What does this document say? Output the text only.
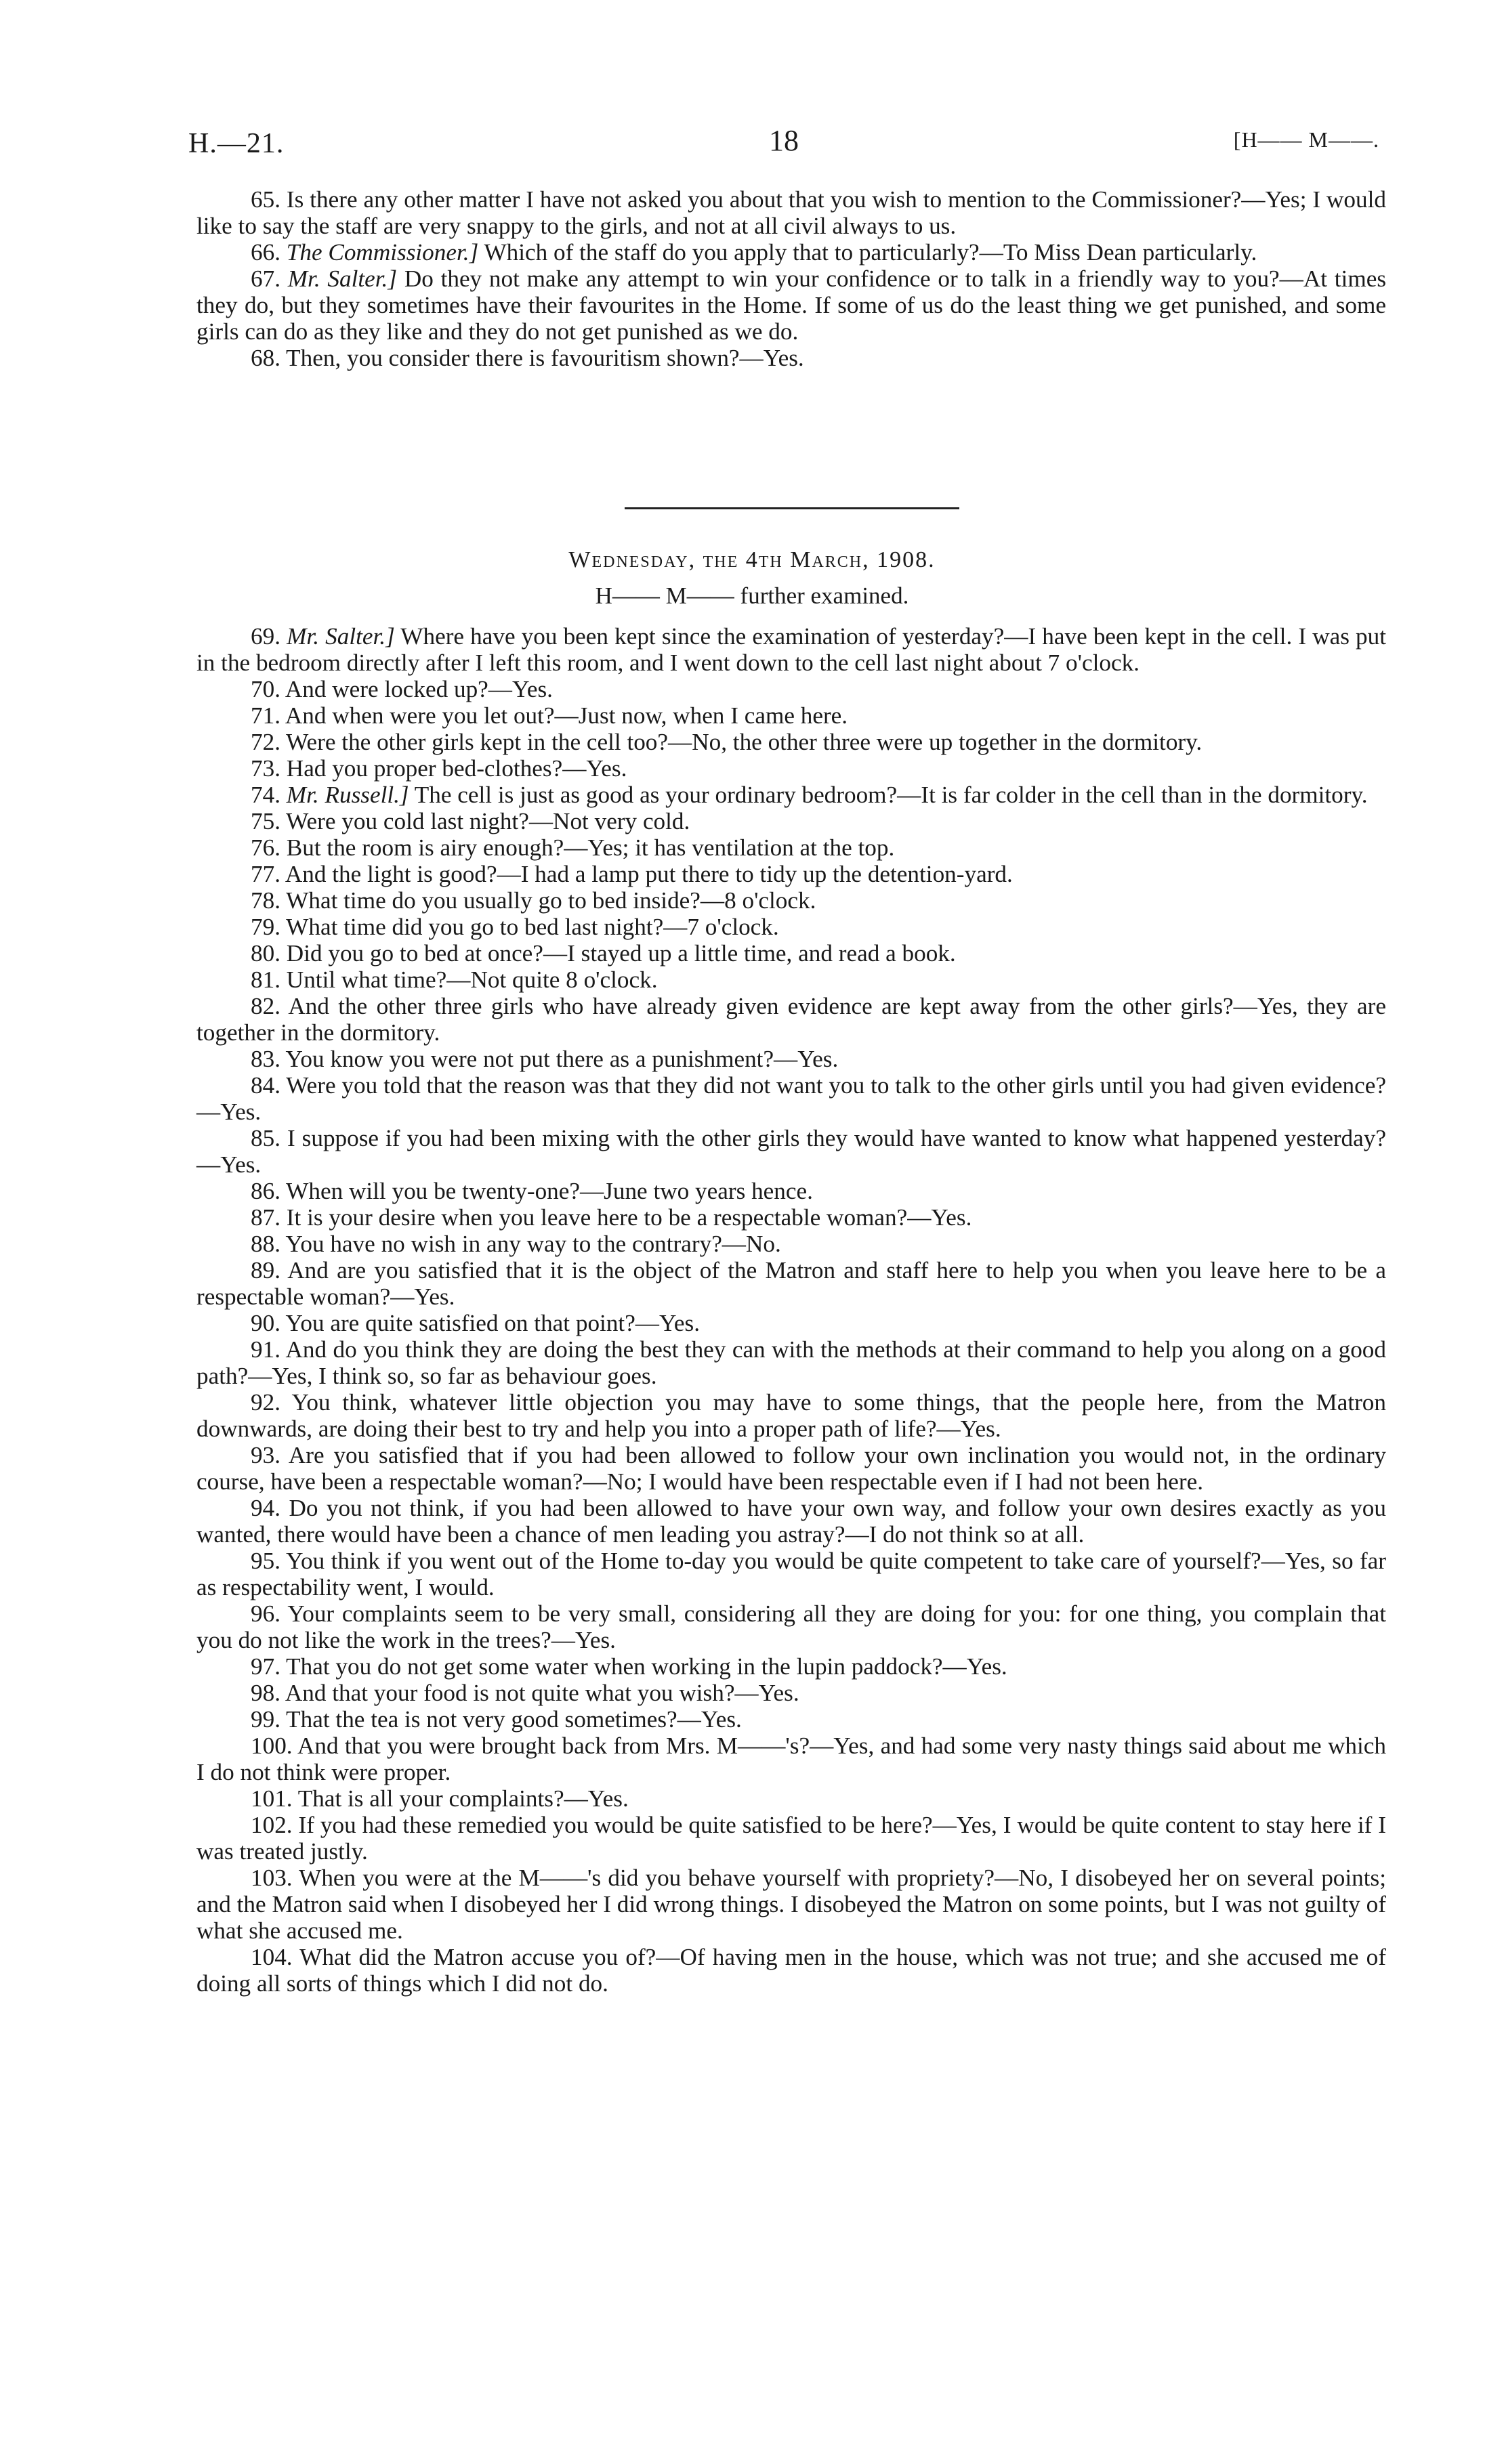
H.—21.	18	[H—— M——.

65. Is there any other matter I have not asked you about that you wish to mention to the Commissioner?—Yes; I would like to say the staff are very snappy to the girls, and not at all civil always to us.

66. The Commissioner.] Which of the staff do you apply that to particularly?—To Miss Dean particularly.

67. Mr. Salter.] Do they not make any attempt to win your confidence or to talk in a friendly way to you?—At times they do, but they sometimes have their favourites in the Home. If some of us do the least thing we get punished, and some girls can do as they like and they do not get punished as we do.

68. Then, you consider there is favouritism shown?—Yes.

Wednesday, the 4th March, 1908.
H—— M—— further examined.

69. Mr. Salter.] Where have you been kept since the examination of yesterday?—I have been kept in the cell. I was put in the bedroom directly after I left this room, and I went down to the cell last night about 7 o'clock.

70. And were locked up?—Yes.

71. And when were you let out?—Just now, when I came here.

72. Were the other girls kept in the cell too?—No, the other three were up together in the dormitory.

73. Had you proper bed-clothes?—Yes.

74. Mr. Russell.] The cell is just as good as your ordinary bedroom?—It is far colder in the cell than in the dormitory.

75. Were you cold last night?—Not very cold.

76. But the room is airy enough?—Yes; it has ventilation at the top.

77. And the light is good?—I had a lamp put there to tidy up the detention-yard.

78. What time do you usually go to bed inside?—8 o'clock.

79. What time did you go to bed last night?—7 o'clock.

80. Did you go to bed at once?—I stayed up a little time, and read a book.

81. Until what time?—Not quite 8 o'clock.

82. And the other three girls who have already given evidence are kept away from the other girls?—Yes, they are together in the dormitory.

83. You know you were not put there as a punishment?—Yes.

84. Were you told that the reason was that they did not want you to talk to the other girls until you had given evidence?—Yes.

85. I suppose if you had been mixing with the other girls they would have wanted to know what happened yesterday?—Yes.

86. When will you be twenty-one?—June two years hence.

87. It is your desire when you leave here to be a respectable woman?—Yes.

88. You have no wish in any way to the contrary?—No.

89. And are you satisfied that it is the object of the Matron and staff here to help you when you leave here to be a respectable woman?—Yes.

90. You are quite satisfied on that point?—Yes.

91. And do you think they are doing the best they can with the methods at their command to help you along on a good path?—Yes, I think so, so far as behaviour goes.

92. You think, whatever little objection you may have to some things, that the people here, from the Matron downwards, are doing their best to try and help you into a proper path of life?—Yes.

93. Are you satisfied that if you had been allowed to follow your own inclination you would not, in the ordinary course, have been a respectable woman?—No; I would have been respectable even if I had not been here.

94. Do you not think, if you had been allowed to have your own way, and follow your own desires exactly as you wanted, there would have been a chance of men leading you astray?—I do not think so at all.

95. You think if you went out of the Home to-day you would be quite competent to take care of yourself?—Yes, so far as respectability went, I would.

96. Your complaints seem to be very small, considering all they are doing for you: for one thing, you complain that you do not like the work in the trees?—Yes.

97. That you do not get some water when working in the lupin paddock?—Yes.

98. And that your food is not quite what you wish?—Yes.

99. That the tea is not very good sometimes?—Yes.

100. And that you were brought back from Mrs. M——'s?—Yes, and had some very nasty things said about me which I do not think were proper.

101. That is all your complaints?—Yes.

102. If you had these remedied you would be quite satisfied to be here?—Yes, I would be quite content to stay here if I was treated justly.

103. When you were at the M——'s did you behave yourself with propriety?—No, I disobeyed her on several points; and the Matron said when I disobeyed her I did wrong things. I disobeyed the Matron on some points, but I was not guilty of what she accused me.

104. What did the Matron accuse you of?—Of having men in the house, which was not true; and she accused me of doing all sorts of things which I did not do.
